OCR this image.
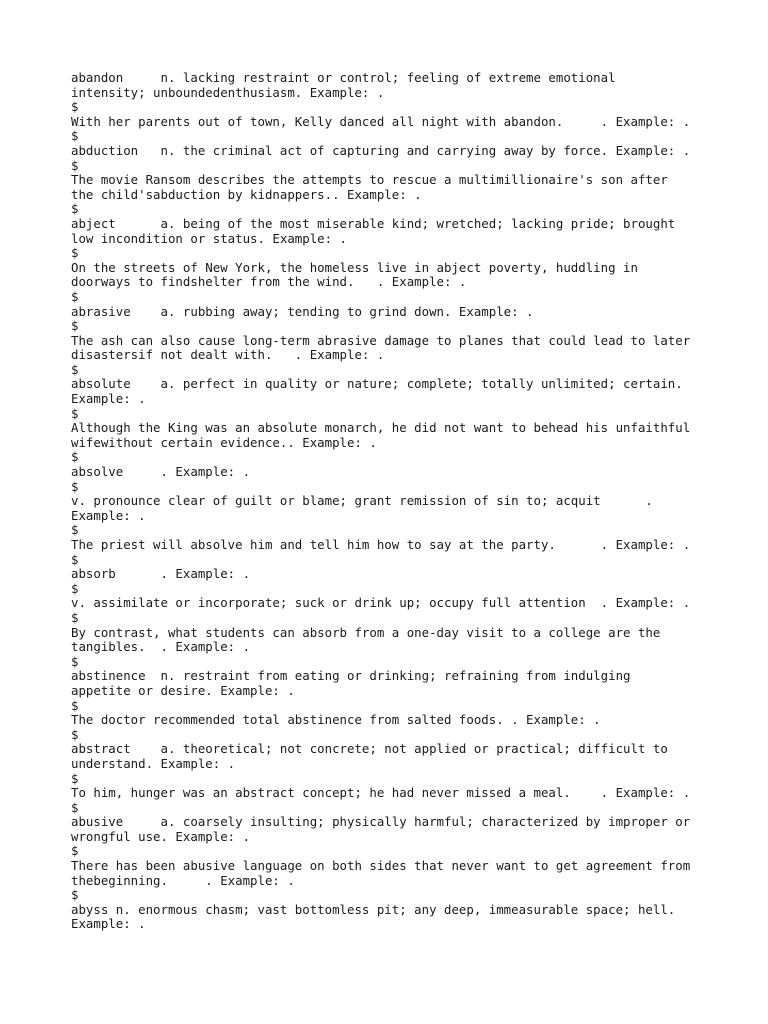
abandon     n. lacking restraint or control; feeling of extreme emotional
intensity; unboundedenthusiasm. Example: .
$
With her parents out of town, Kelly danced all night with abandon.     . Example: .
$
abduction   n. the criminal act of capturing and carrying away by force. Example: .
$
The movie Ransom describes the attempts to rescue a multimillionaire's son after
the child'sabduction by kidnappers.. Example: .
$
abject      a. being of the most miserable kind; wretched; lacking pride; brought
low incondition or status. Example: .
$
On the streets of New York, the homeless live in abject poverty, huddling in
doorways to findshelter from the wind.   . Example: .
$
abrasive    a. rubbing away; tending to grind down. Example: .
$
The ash can also cause long-term abrasive damage to planes that could lead to later
disastersif not dealt with.   . Example: .
$
absolute    a. perfect in quality or nature; complete; totally unlimited; certain.
Example: .
$
Although the King was an absolute monarch, he did not want to behead his unfaithful
wifewithout certain evidence.. Example: .
$
absolve     . Example: .
$
v. pronounce clear of guilt or blame; grant remission of sin to; acquit      .
Example: .
$
The priest will absolve him and tell him how to say at the party.      . Example: .
$
absorb      . Example: .
$
v. assimilate or incorporate; suck or drink up; occupy full attention  . Example: .
$
By contrast, what students can absorb from a one-day visit to a college are the
tangibles.  . Example: .
$
abstinence  n. restraint from eating or drinking; refraining from indulging
appetite or desire. Example: .
$
The doctor recommended total abstinence from salted foods. . Example: .
$
abstract    a. theoretical; not concrete; not applied or practical; difficult to
understand. Example: .
$
To him, hunger was an abstract concept; he had never missed a meal.    . Example: .
$
abusive     a. coarsely insulting; physically harmful; characterized by improper or
wrongful use. Example: .
$
There has been abusive language on both sides that never want to get agreement from
thebeginning.     . Example: .
$
abyss n. enormous chasm; vast bottomless pit; any deep, immeasurable space; hell.
Example: .
